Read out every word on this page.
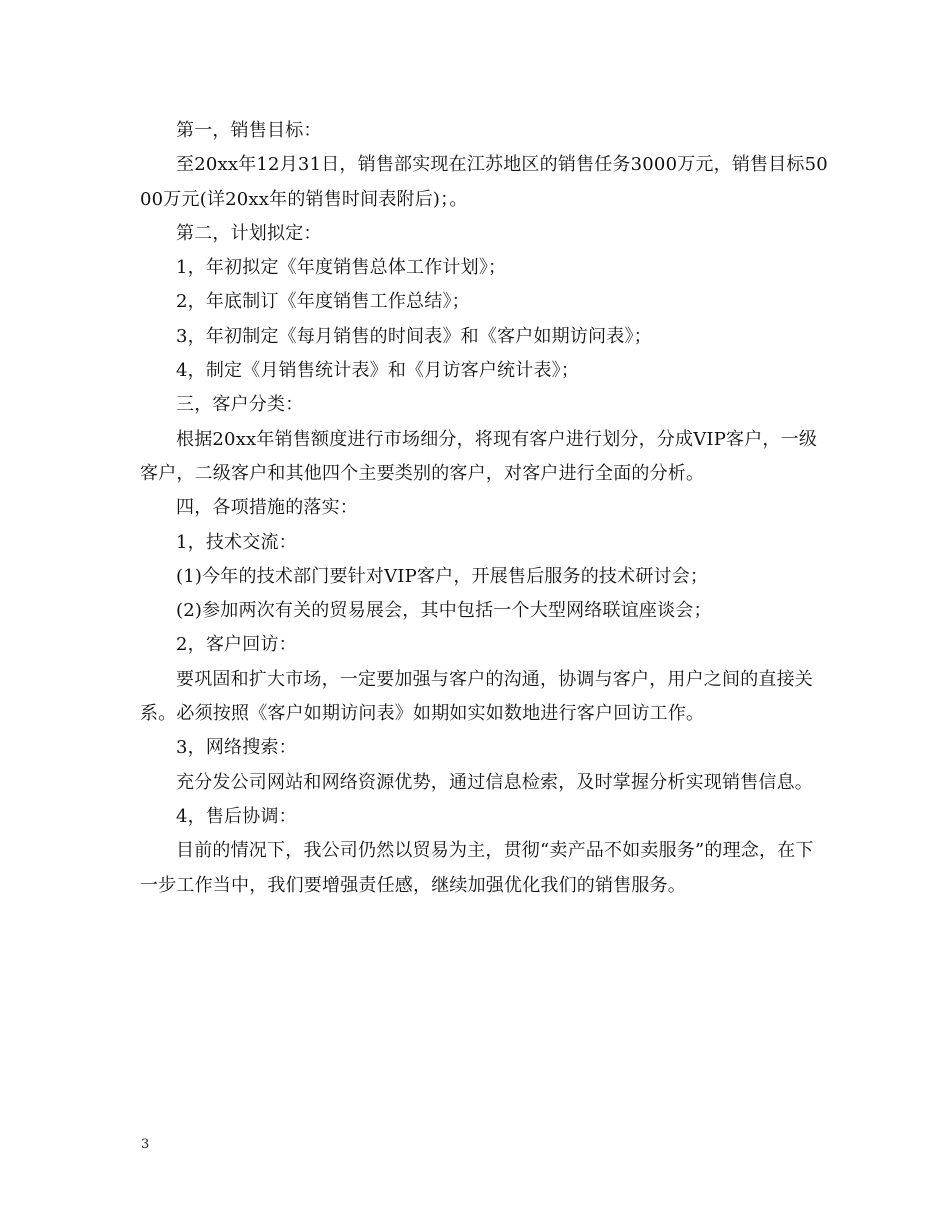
第一，销售目标：

至20xx年12月31日，销售部实现在江苏地区的销售任务3000万元，销售目标5000万元(详20xx年的销售时间表附后)；。

第二，计划拟定：

1，年初拟定《年度销售总体工作计划》；

2，年底制订《年度销售工作总结》；

3，年初制定《每月销售的时间表》和《客户如期访问表》；

4，制定《月销售统计表》和《月访客户统计表》；

三，客户分类：

根据20xx年销售额度进行市场细分，将现有客户进行划分，分成VIP客户，一级客户，二级客户和其他四个主要类别的客户，对客户进行全面的分析。

四，各项措施的落实：

1，技术交流：

(1)今年的技术部门要针对VIP客户，开展售后服务的技术研讨会；

(2)参加两次有关的贸易展会，其中包括一个大型网络联谊座谈会；

2，客户回访：

要巩固和扩大市场，一定要加强与客户的沟通，协调与客户，用户之间的直接关系。必须按照《客户如期访问表》如期如实如数地进行客户回访工作。

3，网络搜索：

充分发公司网站和网络资源优势，通过信息检索，及时掌握分析实现销售信息。

4，售后协调：

目前的情况下，我公司仍然以贸易为主，贯彻“卖产品不如卖服务”的理念，在下一步工作当中，我们要增强责任感，继续加强优化我们的销售服务。

3
